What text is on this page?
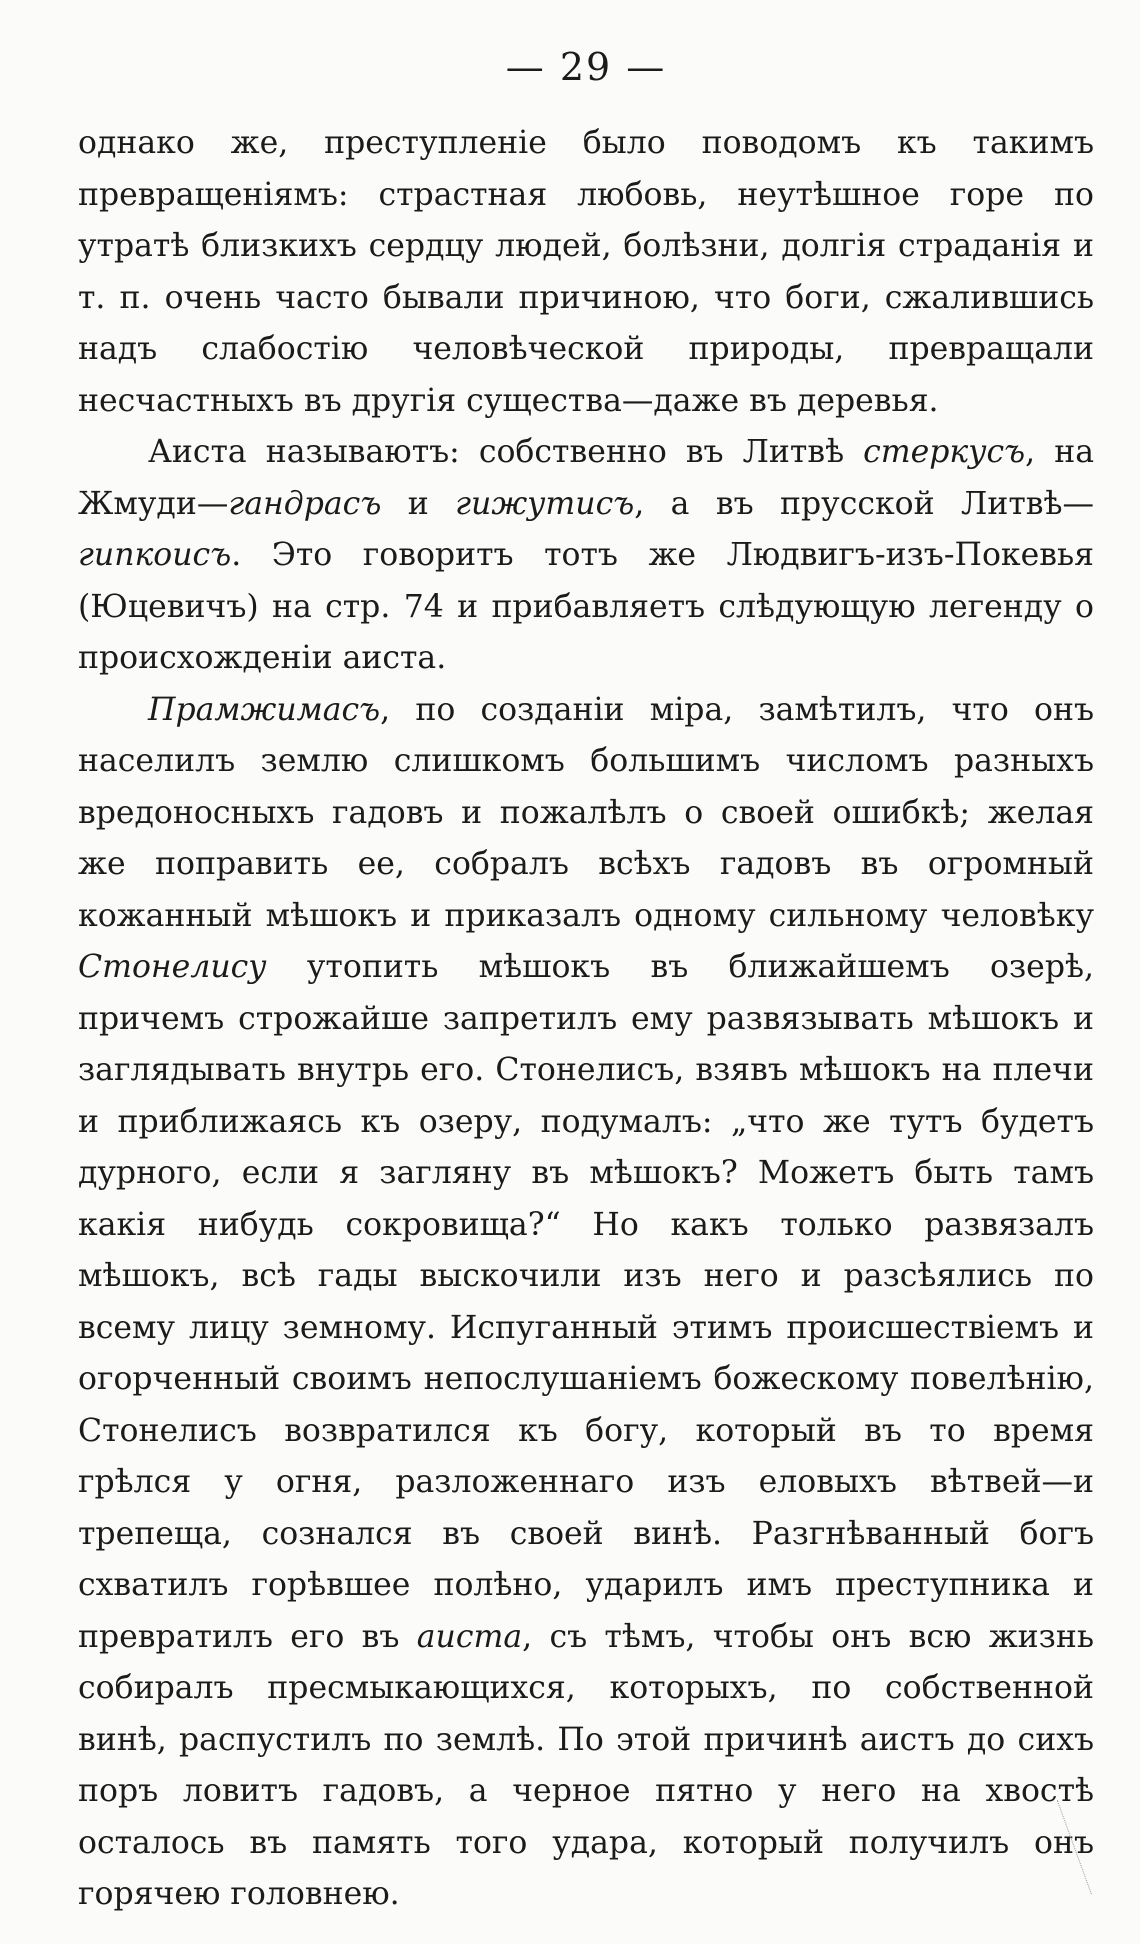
— 29 —

однако же, преступленіе было поводомъ къ такимъ превращеніямъ: страстная любовь, неутѣшное горе по утратѣ близкихъ сердцу людей, болѣзни, долгія страданія и т. п. очень часто бывали причиною, что боги, сжалившись надъ слабостію человѣческой природы, превращали несчастныхъ въ другія существа—даже въ деревья.

Аиста называютъ: собственно въ Литвѣ стеркусъ, на Жмуди—гандрасъ и гижутисъ, а въ прусской Литвѣ—гипкоисъ. Это говоритъ тотъ же Людвигъ-изъ-Покевья (Юцевичъ) на стр. 74 и прибавляетъ слѣдующую легенду о происхожденіи аиста.

Прамжимасъ, по созданіи міра, замѣтилъ, что онъ населилъ землю слишкомъ большимъ числомъ разныхъ вредоносныхъ гадовъ и пожалѣлъ о своей ошибкѣ; желая же поправить ее, собралъ всѣхъ гадовъ въ огромный кожанный мѣшокъ и приказалъ одному сильному человѣку Стонелису утопить мѣшокъ въ ближайшемъ озерѣ, причемъ строжайше запретилъ ему развязывать мѣшокъ и заглядывать внутрь его. Стонелисъ, взявъ мѣшокъ на плечи и приближаясь къ озеру, подумалъ: „что же тутъ будетъ дурного, если я загляну въ мѣшокъ? Можетъ быть тамъ какія нибудь сокровища?“ Но какъ только развязалъ мѣшокъ, всѣ гады выскочили изъ него и разсѣялись по всему лицу земному. Испуганный этимъ происшествіемъ и огорченный своимъ непослушаніемъ божескому повелѣнію, Стонелисъ возвратился къ богу, который въ то время грѣлся у огня, разложеннаго изъ еловыхъ вѣтвей—и трепеща, сознался въ своей винѣ. Разгнѣванный богъ схватилъ горѣвшее полѣно, ударилъ имъ преступника и превратилъ его въ аиста, съ тѣмъ, чтобы онъ всю жизнь собиралъ пресмыкающихся, которыхъ, по собственной винѣ, распустилъ по землѣ. По этой причинѣ аистъ до сихъ поръ ловитъ гадовъ, а черное пятно у него на хвостѣ осталось въ память того удара, который получилъ онъ горячею головнею.
